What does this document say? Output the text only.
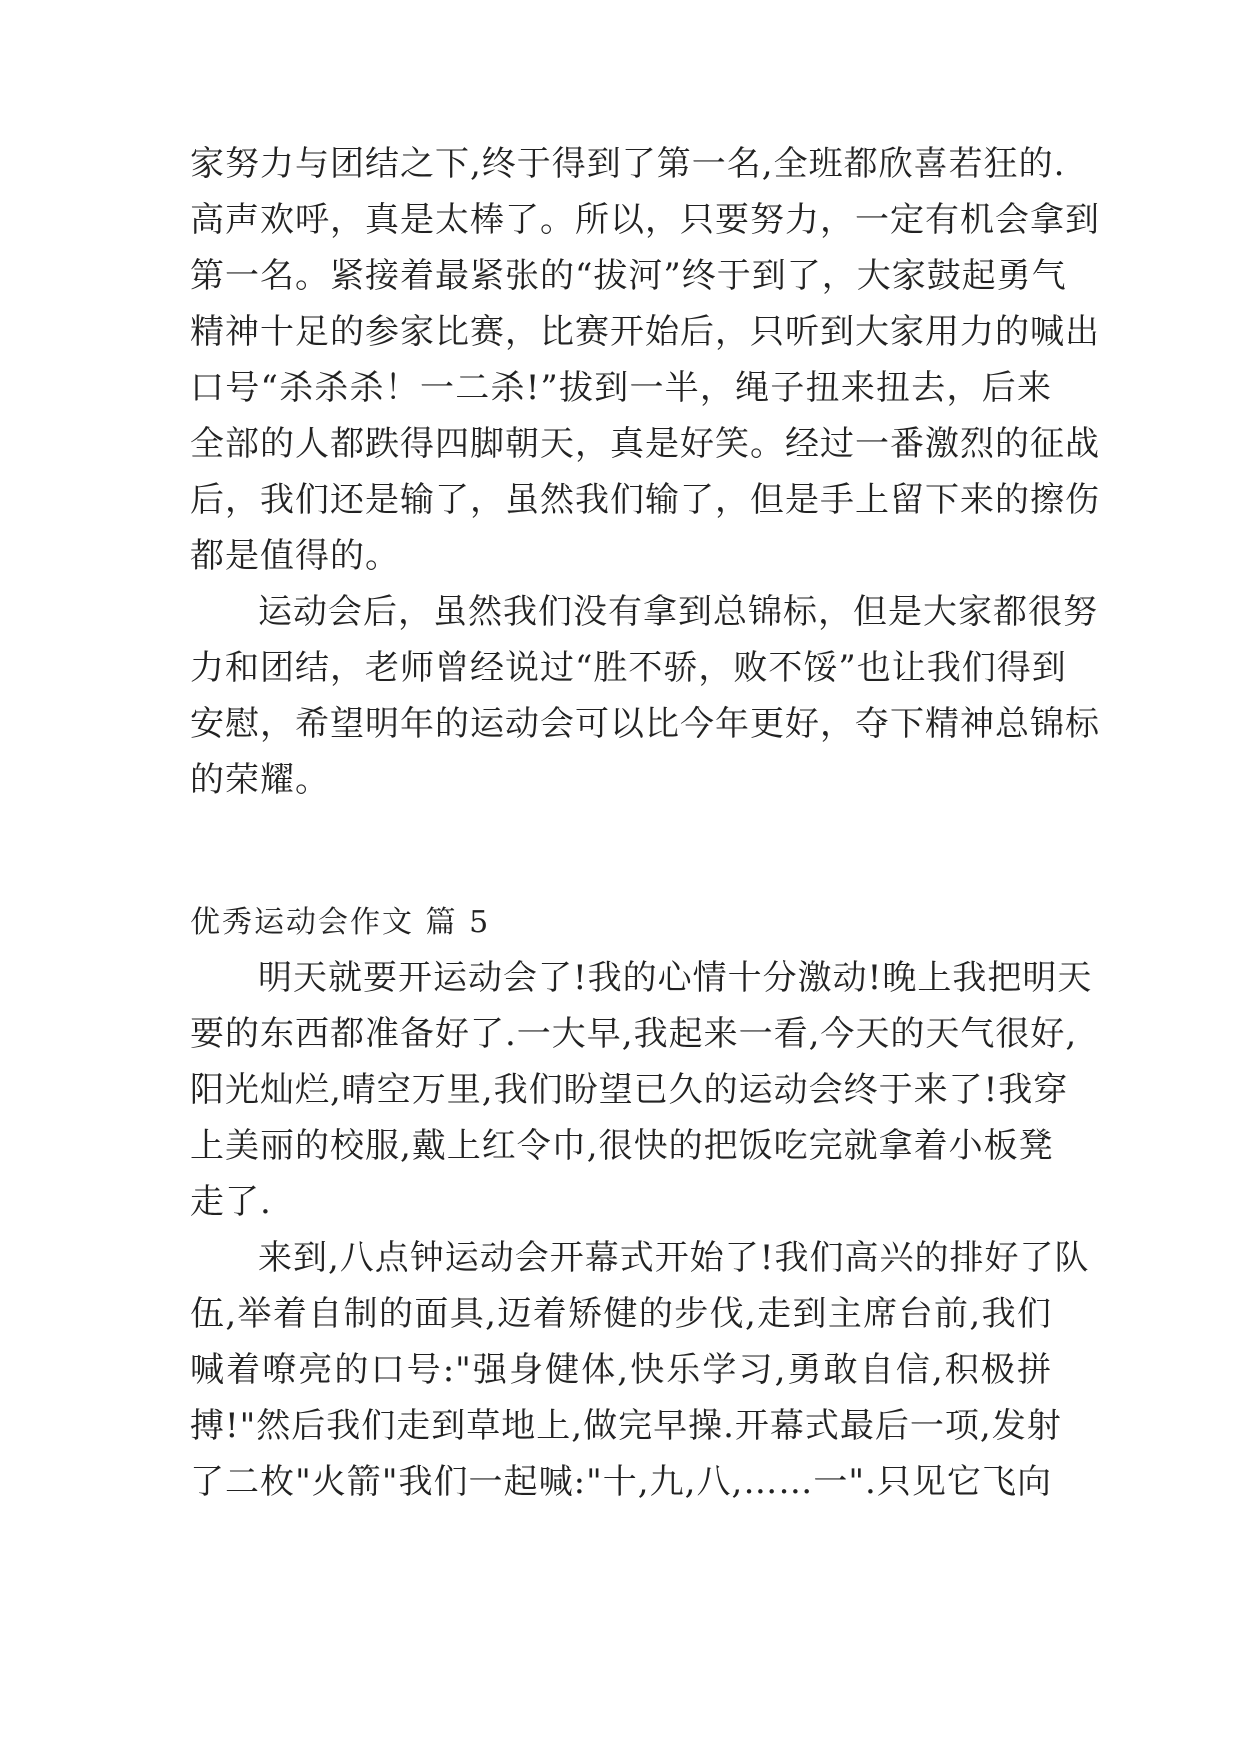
家努力与团结之下,终于得到了第一名,全班都欣喜若狂的.
高声欢呼，真是太棒了。所以，只要努力，一定有机会拿到
第一名。紧接着最紧张的“拔河”终于到了，大家鼓起勇气
精神十足的参家比赛，比赛开始后，只听到大家用力的喊出
口号“杀杀杀！一二杀!”拔到一半，绳子扭来扭去，后来
全部的人都跌得四脚朝天，真是好笑。经过一番激烈的征战
后，我们还是输了，虽然我们输了，但是手上留下来的擦伤
都是值得的。
运动会后，虽然我们没有拿到总锦标，但是大家都很努
力和团结，老师曾经说过“胜不骄，败不馁”也让我们得到
安慰，希望明年的运动会可以比今年更好，夺下精神总锦标
的荣耀。
优秀运动会作文 篇 5
明天就要开运动会了!我的心情十分激动!晚上我把明天
要的东西都准备好了.一大早,我起来一看,今天的天气很好,
阳光灿烂,晴空万里,我们盼望已久的运动会终于来了!我穿
上美丽的校服,戴上红令巾,很快的把饭吃完就拿着小板凳
走了.
来到,八点钟运动会开幕式开始了!我们高兴的排好了队
伍,举着自制的面具,迈着矫健的步伐,走到主席台前,我们
喊着嘹亮的口号:"强身健体,快乐学习,勇敢自信,积极拼
搏!"然后我们走到草地上,做完早操.开幕式最后一项,发射
了二枚"火箭"我们一起喊:"十,九,八,……一".只见它飞向
